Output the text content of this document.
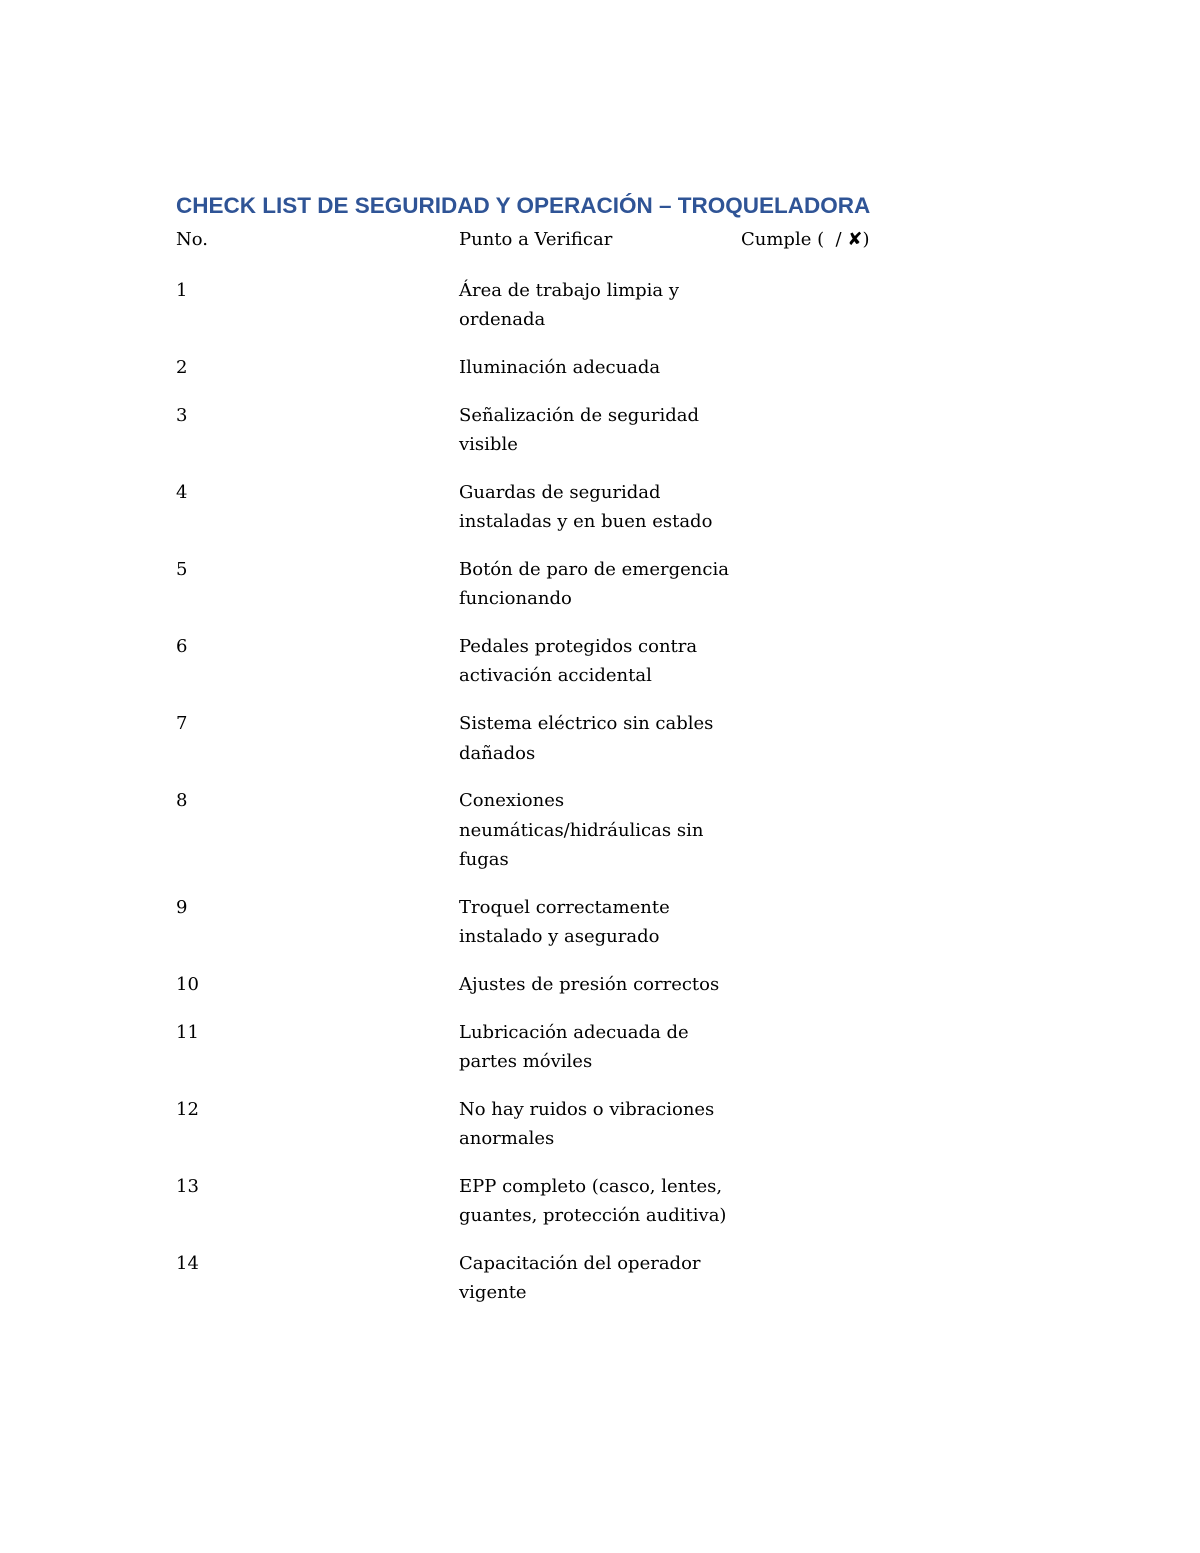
CHECK LIST DE SEGURIDAD Y OPERACIÓN – TROQUELADORA
No.	Punto a Verificar	Cumple (  / ✘)
1	Área de trabajo limpia y ordenada
2	Iluminación adecuada
3	Señalización de seguridad visible
4	Guardas de seguridad instaladas y en buen estado
5	Botón de paro de emergencia funcionando
6	Pedales protegidos contra activación accidental
7	Sistema eléctrico sin cables dañados
8	Conexiones neumáticas/hidráulicas sin fugas
9	Troquel correctamente instalado y asegurado
10	Ajustes de presión correctos
11	Lubricación adecuada de partes móviles
12	No hay ruidos o vibraciones anormales
13	EPP completo (casco, lentes, guantes, protección auditiva)
14	Capacitación del operador vigente
